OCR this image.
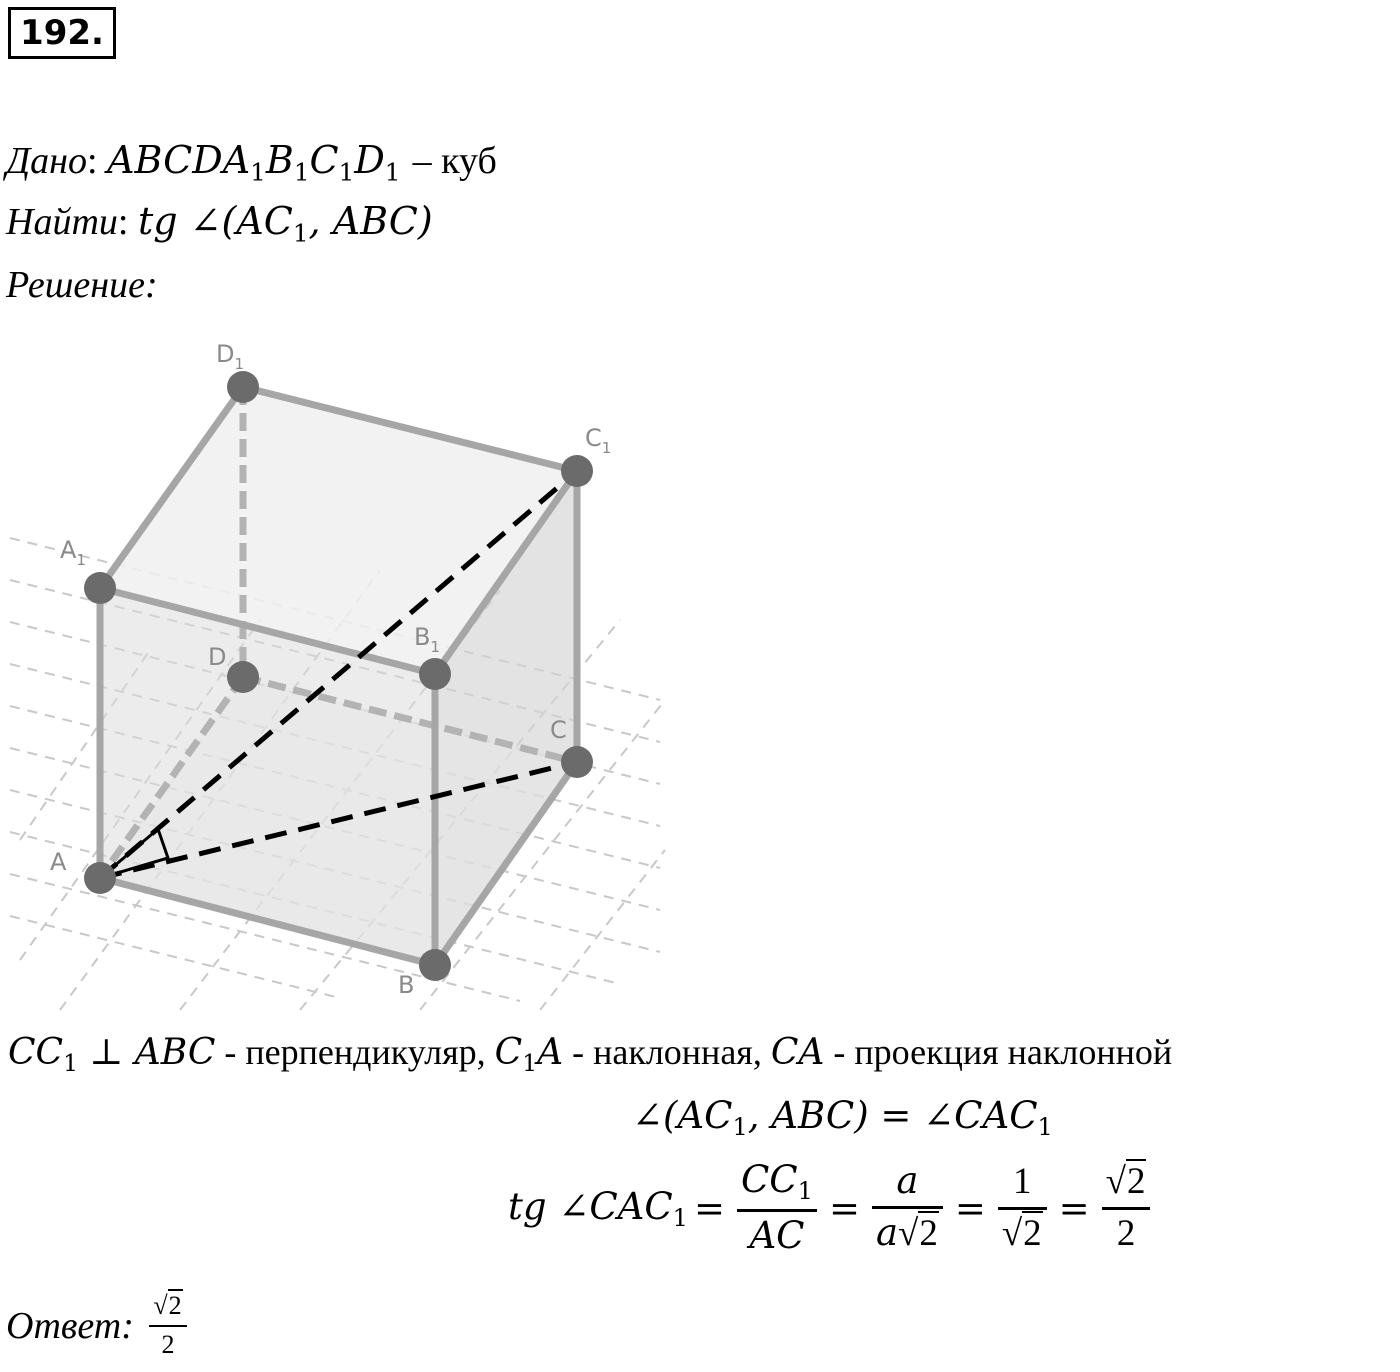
192.
Дано: $ABCDA_1B_1C_1D_1$ – куб
Найти: tg $\angle(AC_1$, ABC)
Решение:
$D_1$
$C_1$
$A_1$
$B_1$
D
C
A
B
$CC_1$ ⊥ ABC - перпендикуляр, $C_1A$ - наклонная, CA - проекция наклонной
$\angle(AC_1$, $ABC) = \angle CAC_1$
tg $\angle CAC_1 = \frac{CC_1}{AC} = \frac{a}{a√2} = \frac{1}{√2} = \frac{√2}{2}$
Ответ : $\frac{√2}{2}$
